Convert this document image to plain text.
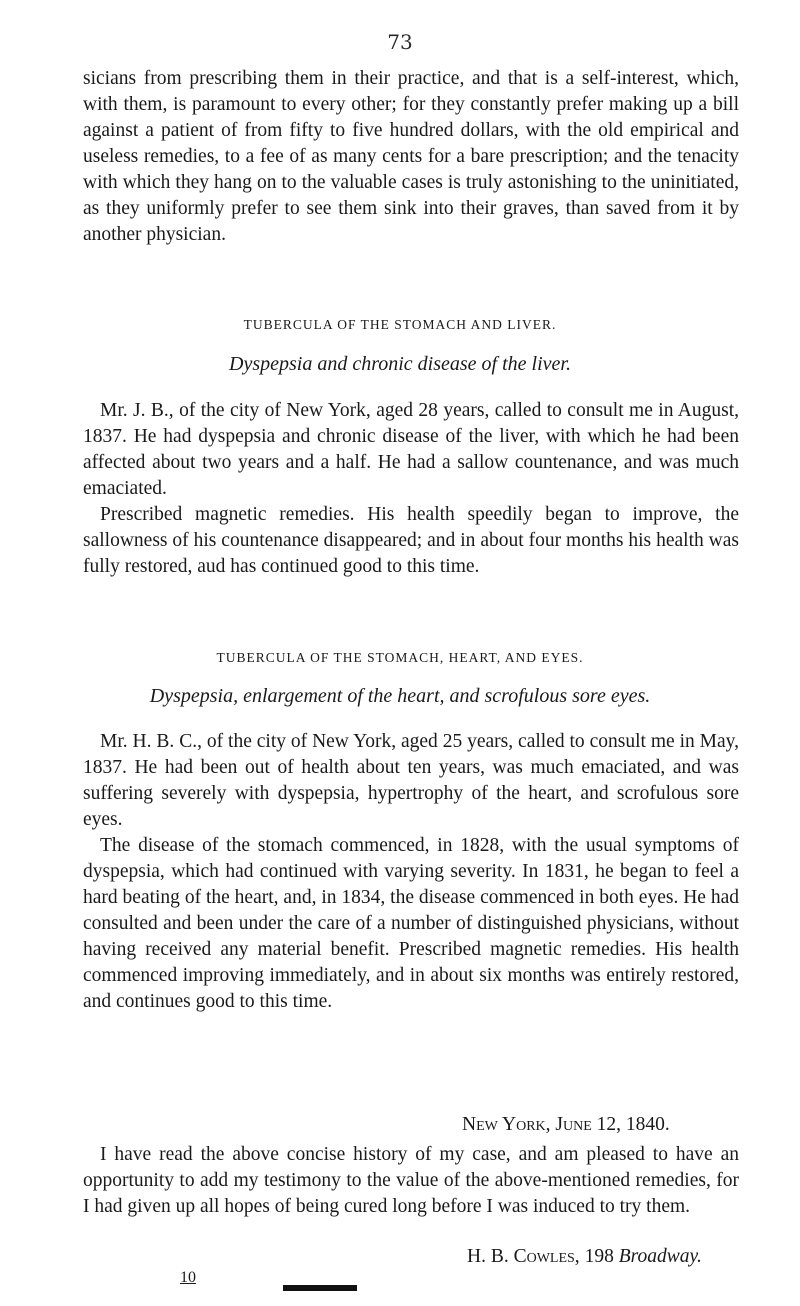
73

sicians from prescribing them in their practice, and that is a self-interest, which, with them, is paramount to every other; for they constantly prefer making up a bill against a patient of from fifty to five hundred dollars, with the old empirical and useless remedies, to a fee of as many cents for a bare prescription; and the tenacity with which they hang on to the valuable cases is truly astonishing to the uninitiated, as they uniformly prefer to see them sink into their graves, than saved from it by another physician.

TUBERCULA OF THE STOMACH AND LIVER.
Dyspepsia and chronic disease of the liver.

Mr. J. B., of the city of New York, aged 28 years, called to consult me in August, 1837. He had dyspepsia and chronic disease of the liver, with which he had been affected about two years and a half. He had a sallow countenance, and was much emaciated.

Prescribed magnetic remedies. His health speedily began to improve, the sallowness of his countenance disappeared; and in about four months his health was fully restored, aud has continued good to this time.

TUBERCULA OF THE STOMACH, HEART, AND EYES.
Dyspepsia, enlargement of the heart, and scrofulous sore eyes.

Mr. H. B. C., of the city of New York, aged 25 years, called to consult me in May, 1837. He had been out of health about ten years, was much emaciated, and was suffering severely with dyspepsia, hypertrophy of the heart, and scrofulous sore eyes.

The disease of the stomach commenced, in 1828, with the usual symptoms of dyspepsia, which had continued with varying severity. In 1831, he began to feel a hard beating of the heart, and, in 1834, the disease commenced in both eyes. He had consulted and been under the care of a number of distinguished physicians, without having received any material benefit. Prescribed magnetic remedies. His health commenced improving immediately, and in about six months was entirely restored, and continues good to this time.

New York, June 12, 1840.

I have read the above concise history of my case, and am pleased to have an opportunity to add my testimony to the value of the above-mentioned remedies, for I had given up all hopes of being cured long before I was induced to try them.

H. B. Cowles, 198 Broadway.
10
